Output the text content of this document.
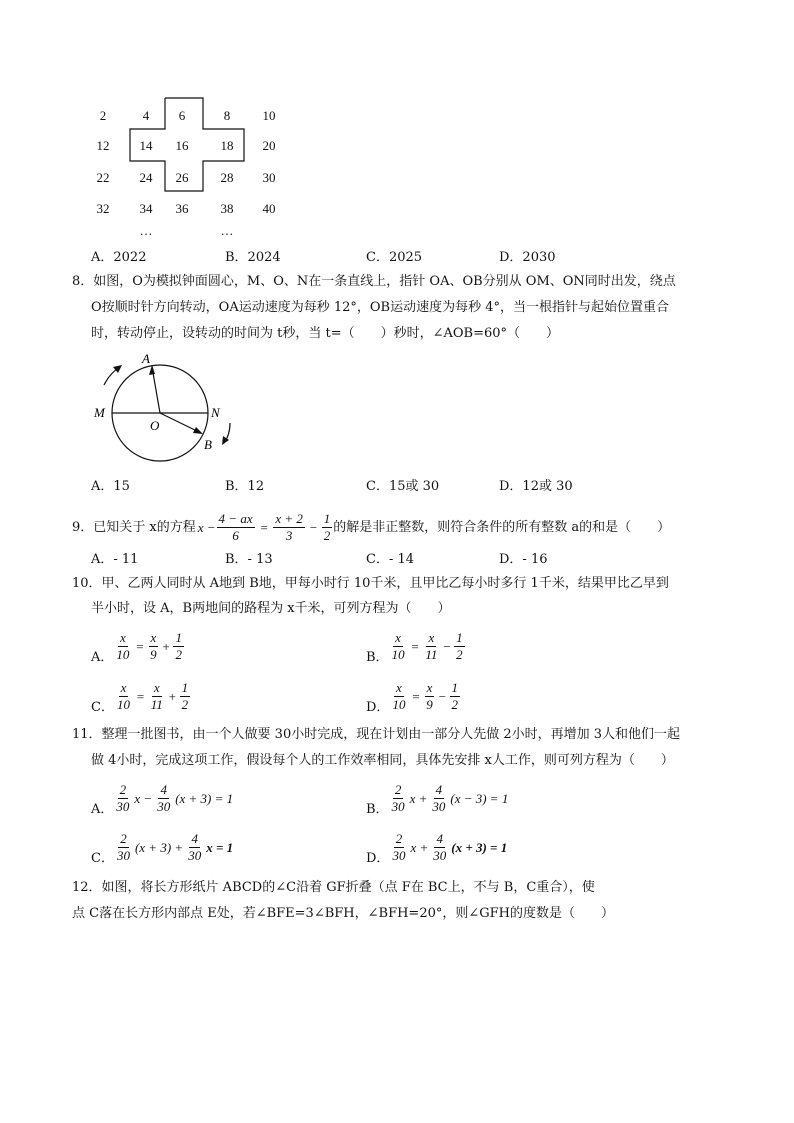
2	4	6	8	10
12 14 16 18 20
22 24 26 28 30
32 34 36 38 40
…	…
A．2022	B．2024	C．2025	D．2030
8．如图，O为模拟钟面圆心，M、O、N在一条直线上，指针 OA、OB分别从 OM、ON同时出发，绕点
O按顺时针方向转动，OA运动速度为每秒 12°，OB运动速度为每秒 4°，当一根指针与起始位置重合
时，转动停止，设转动的时间为 t秒，当 t=（　　）秒时，∠AOB=60°（　　）
A
M
O
N
B
A．15	B．12	C．15或 30	D．12或 30
9．已知关于 x的方程 $x - \frac{4 - ax}{6} = \frac{x + 2}{3} - \frac{1}{2}$ 的解是非正整数，则符合条件的所有整数 a的和是（　　）
A．- 11	B．- 13	C．- 14	D．- 16
10．甲、乙两人同时从 A地到 B地，甲每小时行 10千米，且甲比乙每小时多行 1千米，结果甲比乙早到
半小时，设 A，B两地间的路程为 x千米，可列方程为（　　）
A． $\frac{x}{10} = \frac{x}{9} + \frac{1}{2}$	B． $\frac{x}{10} = \frac{x}{11} - \frac{1}{2}$
C． $\frac{x}{10} = \frac{x}{11} + \frac{1}{2}$	D． $\frac{x}{10} = \frac{x}{9} - \frac{1}{2}$
11．整理一批图书，由一个人做要 30小时完成，现在计划由一部分人先做 2小时，再增加 3人和他们一起
做 4小时，完成这项工作，假设每个人的工作效率相同，具体先安排 x人工作，则可列方程为（　　）
A． $\frac{2}{30}$ $x - \frac{4}{30} (x + 3) = 1$
B． $\frac{2}{30}$ $x + \frac{4}{30} (x - 3) = 1$
C． $\frac{2}{30} (x + 3) + \frac{4}{30}$ x = 1
D． $\frac{2}{30}$ $x + \frac{4}{30} (x + 3) = 1$
12．如图，将长方形纸片 ABCD的∠C沿着 GF折叠（点 F在 BC上，不与 B，C重合），使
点 C落在长方形内部点 E处，若∠BFE=3∠BFH，∠BFH=20°，则∠GFH的度数是（　　）
